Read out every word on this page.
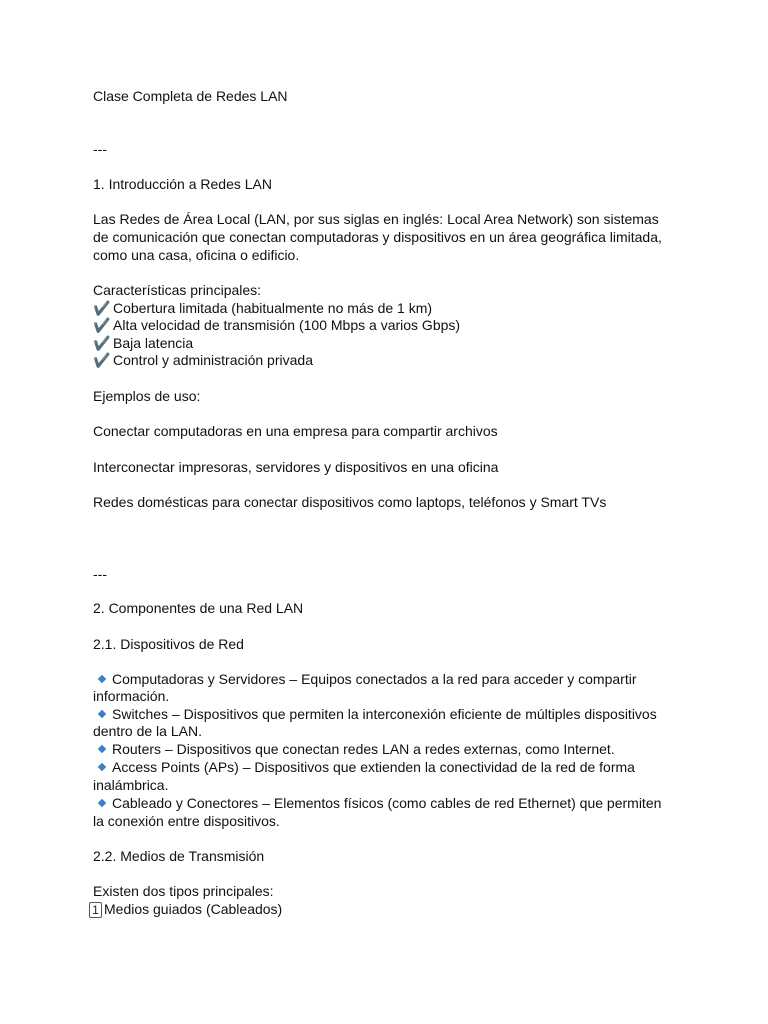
Clase Completa de Redes LAN

---

1. Introducción a Redes LAN

Las Redes de Área Local (LAN, por sus siglas en inglés: Local Area Network) son sistemas

de comunicación que conectan computadoras y dispositivos en un área geográfica limitada,

como una casa, oficina o edificio.

Características principales:

✔️ Cobertura limitada (habitualmente no más de 1 km)

✔️ Alta velocidad de transmisión (100 Mbps a varios Gbps)

✔️ Baja latencia

✔️ Control y administración privada

Ejemplos de uso:

Conectar computadoras en una empresa para compartir archivos

Interconectar impresoras, servidores y dispositivos en una oficina

Redes domésticas para conectar dispositivos como laptops, teléfonos y Smart TVs

---

2. Componentes de una Red LAN

2.1. Dispositivos de Red

Computadoras y Servidores – Equipos conectados a la red para acceder y compartir

información.

Switches – Dispositivos que permiten la interconexión eficiente de múltiples dispositivos

dentro de la LAN.

Routers – Dispositivos que conectan redes LAN a redes externas, como Internet.

Access Points (APs) – Dispositivos que extienden la conectividad de la red de forma

inalámbrica.

Cableado y Conectores – Elementos físicos (como cables de red Ethernet) que permiten

la conexión entre dispositivos.

2.2. Medios de Transmisión

Existen dos tipos principales:

1 Medios guiados (Cableados)
